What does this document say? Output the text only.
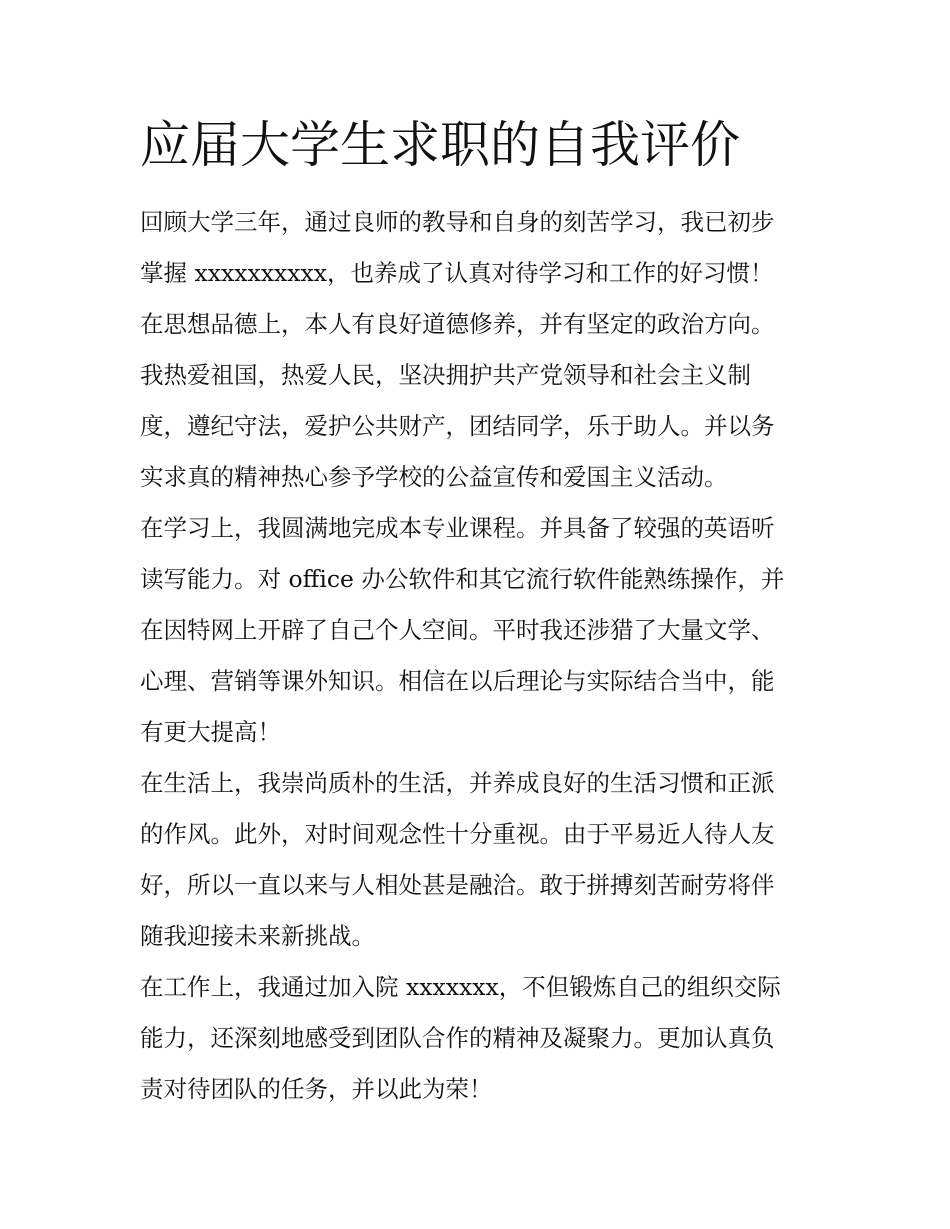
应届大学生求职的自我评价

回顾大学三年，通过良师的教导和自身的刻苦学习，我已初步

掌握 xxxxxxxxxx，也养成了认真对待学习和工作的好习惯！

在思想品德上，本人有良好道德修养，并有坚定的政治方向。

我热爱祖国，热爱人民，坚决拥护共产党领导和社会主义制

度，遵纪守法，爱护公共财产，团结同学，乐于助人。并以务

实求真的精神热心参予学校的公益宣传和爱国主义活动。

在学习上，我圆满地完成本专业课程。并具备了较强的英语听

读写能力。对 office 办公软件和其它流行软件能熟练操作，并

在因特网上开辟了自己个人空间。平时我还涉猎了大量文学、

心理、营销等课外知识。相信在以后理论与实际结合当中，能

有更大提高！

在生活上，我崇尚质朴的生活，并养成良好的生活习惯和正派

的作风。此外，对时间观念性十分重视。由于平易近人待人友

好，所以一直以来与人相处甚是融洽。敢于拼搏刻苦耐劳将伴

随我迎接未来新挑战。

在工作上，我通过加入院 xxxxxxx，不但锻炼自己的组织交际

能力，还深刻地感受到团队合作的精神及凝聚力。更加认真负

责对待团队的任务，并以此为荣！
